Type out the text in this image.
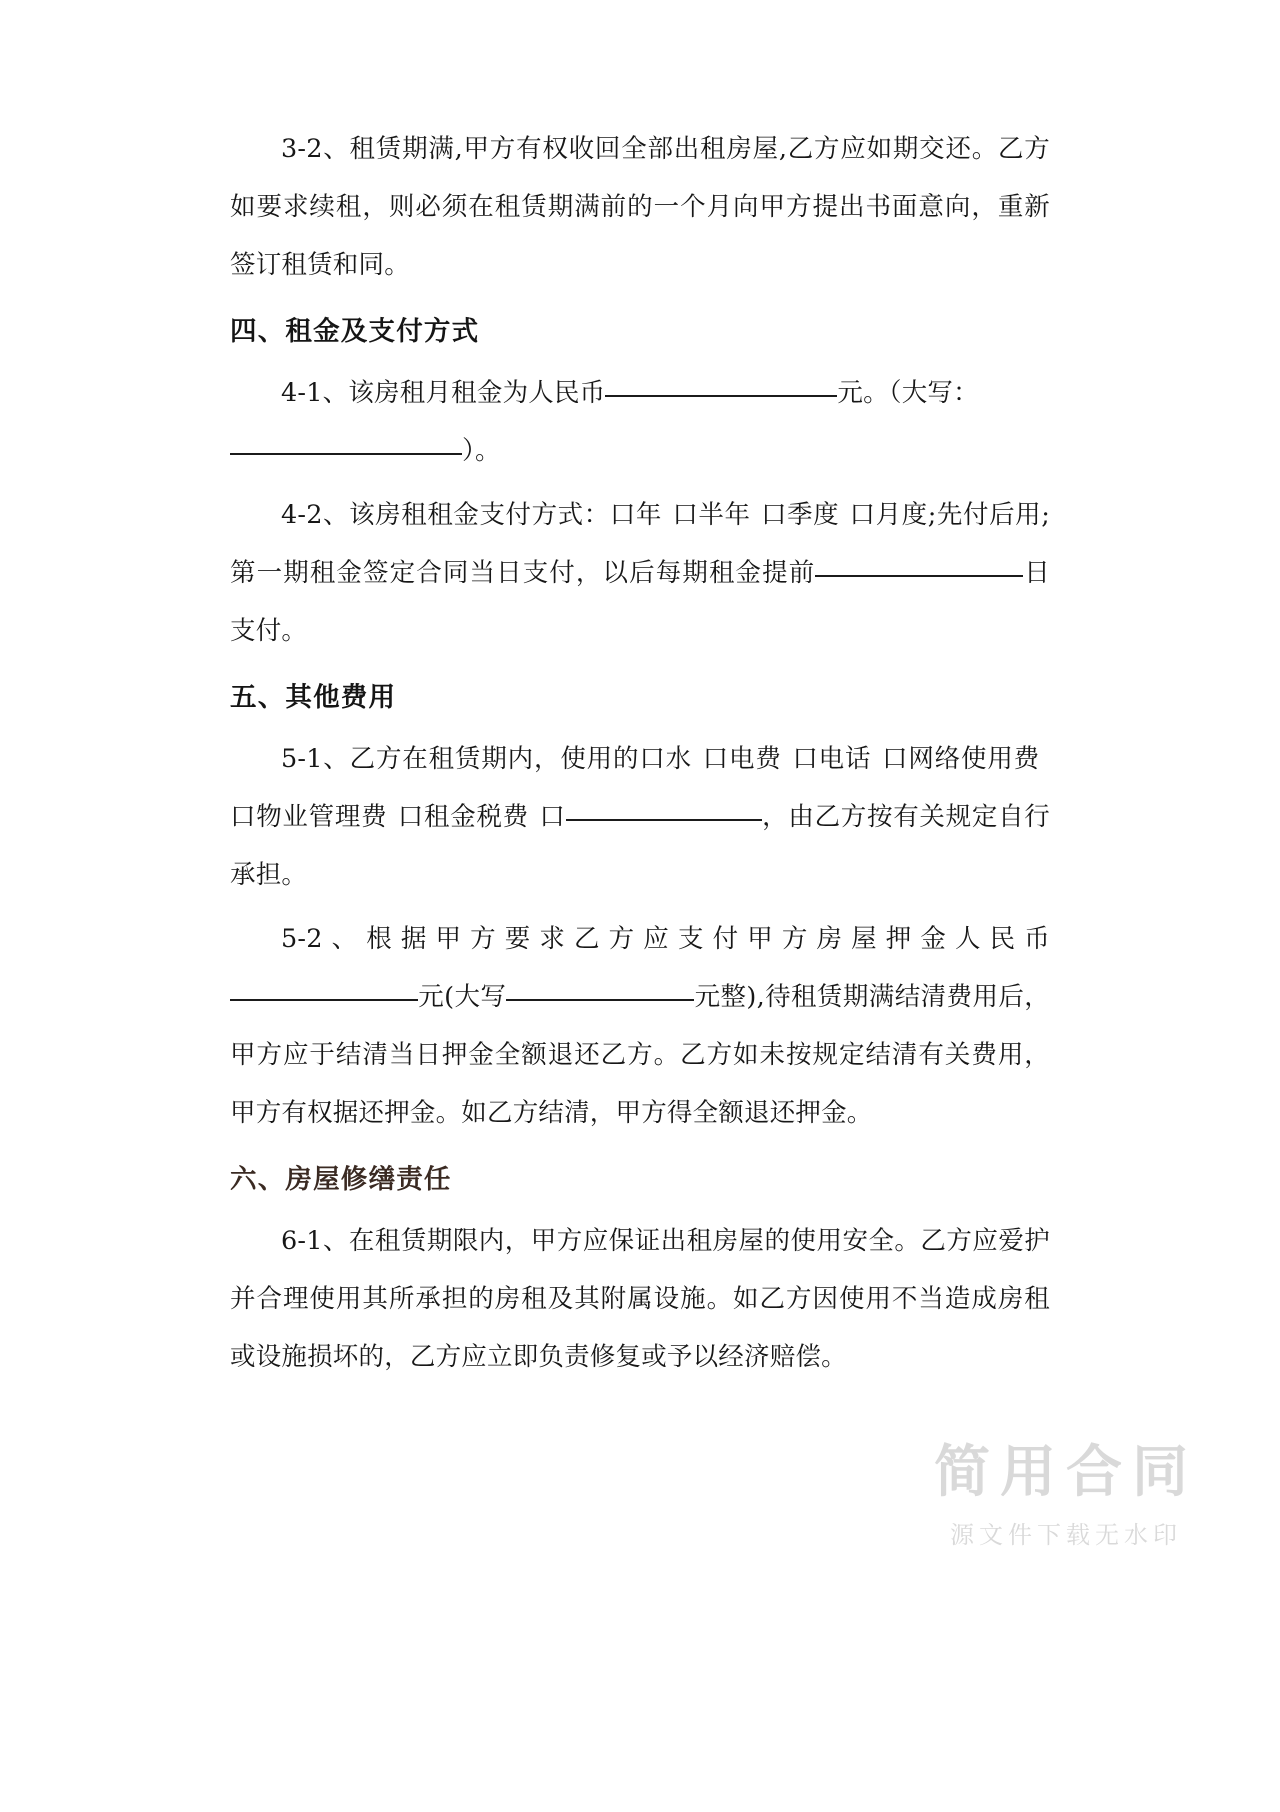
简用合同
源文件下载无水印

3-2、租赁期满,甲方有权收回全部出租房屋,乙方应如期交还。乙方如要求续租，则必须在租赁期满前的一个月向甲方提出书面意向，重新签订租赁和同。

四、租金及支付方式

4-1、该房租月租金为人民币	元。（大写：
）。

4-2、该房租租金支付方式：口年 口半年 口季度 口月度;先付后用;第一期租金签定合同当日支付，以后每期租金提前	日支付。

五、其他费用

5-1、乙方在租赁期内，使用的口水 口电费 口电话 口网络使用费口物业管理费 口租金税费 口	，由乙方按有关规定自行承担。

5-2、根据甲方要求乙方应支付甲方房屋押金人民币元(大写	元整),待租赁期满结清费用后，甲方应于结清当日押金全额退还乙方。乙方如未按规定结清有关费用，甲方有权据还押金。如乙方结清，甲方得全额退还押金。

六、房屋修缮责任

6-1、在租赁期限内，甲方应保证出租房屋的使用安全。乙方应爱护并合理使用其所承担的房租及其附属设施。如乙方因使用不当造成房租或设施损坏的，乙方应立即负责修复或予以经济赔偿。
